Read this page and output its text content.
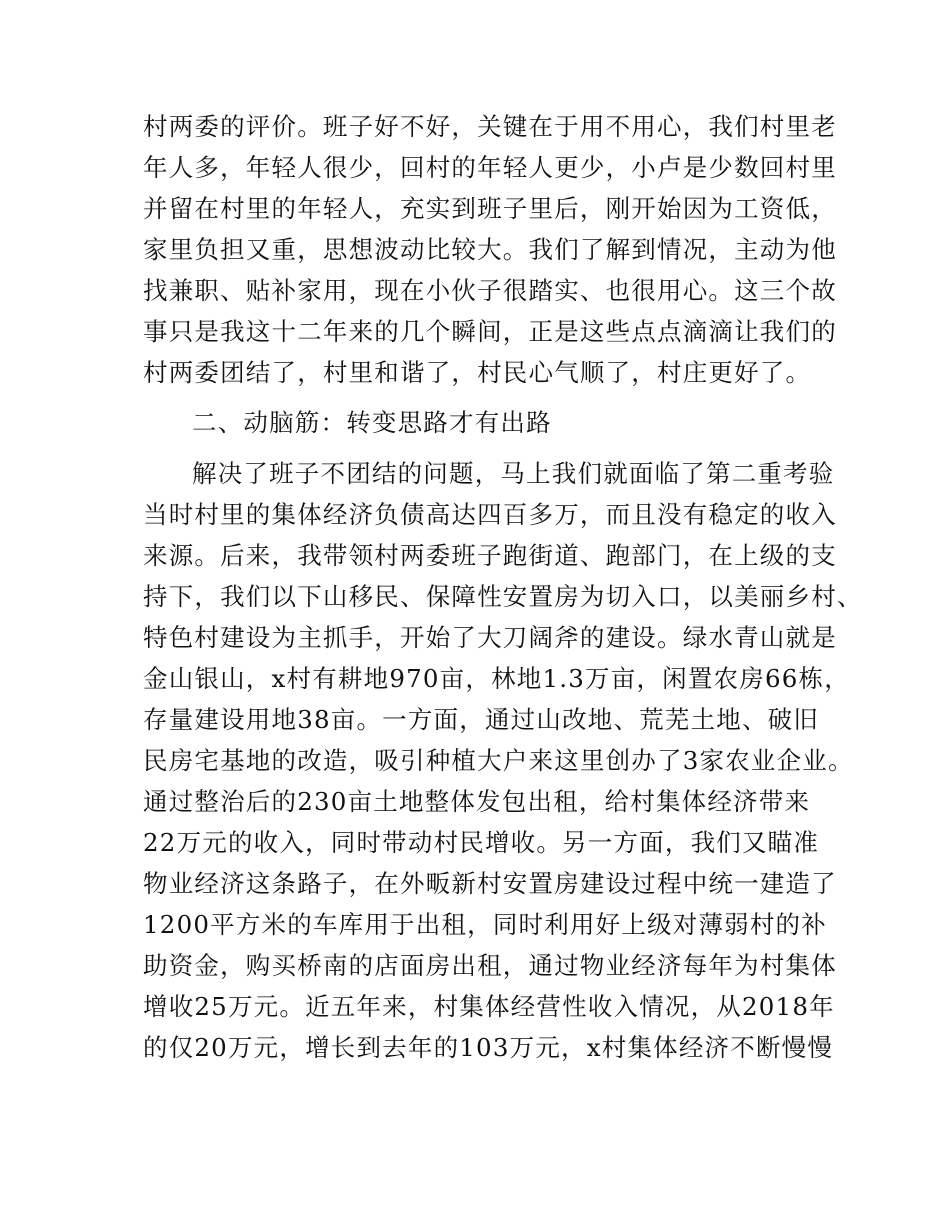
村两委的评价。班子好不好，关键在于用不用心，我们村里老
年人多，年轻人很少，回村的年轻人更少，小卢是少数回村里
并留在村里的年轻人，充实到班子里后，刚开始因为工资低，
家里负担又重，思想波动比较大。我们了解到情况，主动为他
找兼职、贴补家用，现在小伙子很踏实、也很用心。这三个故
事只是我这十二年来的几个瞬间，正是这些点点滴滴让我们的
村两委团结了，村里和谐了，村民心气顺了，村庄更好了。
二、动脑筋：转变思路才有出路
解决了班子不团结的问题，马上我们就面临了第二重考验
当时村里的集体经济负债高达四百多万，而且没有稳定的收入
来源。后来，我带领村两委班子跑街道、跑部门，在上级的支
持下，我们以下山移民、保障性安置房为切入口，以美丽乡村、
特色村建设为主抓手，开始了大刀阔斧的建设。绿水青山就是
金山银山，x村有耕地970亩，林地1.3万亩，闲置农房66栋，
存量建设用地38亩。一方面，通过山改地、荒芜土地、破旧
民房宅基地的改造，吸引种植大户来这里创办了3家农业企业。
通过整治后的230亩土地整体发包出租，给村集体经济带来
22万元的收入，同时带动村民增收。另一方面，我们又瞄准
物业经济这条路子，在外畈新村安置房建设过程中统一建造了
1200平方米的车库用于出租，同时利用好上级对薄弱村的补
助资金，购买桥南的店面房出租，通过物业经济每年为村集体
增收25万元。近五年来，村集体经营性收入情况，从2018年
的仅20万元，增长到去年的103万元，x村集体经济不断慢慢
